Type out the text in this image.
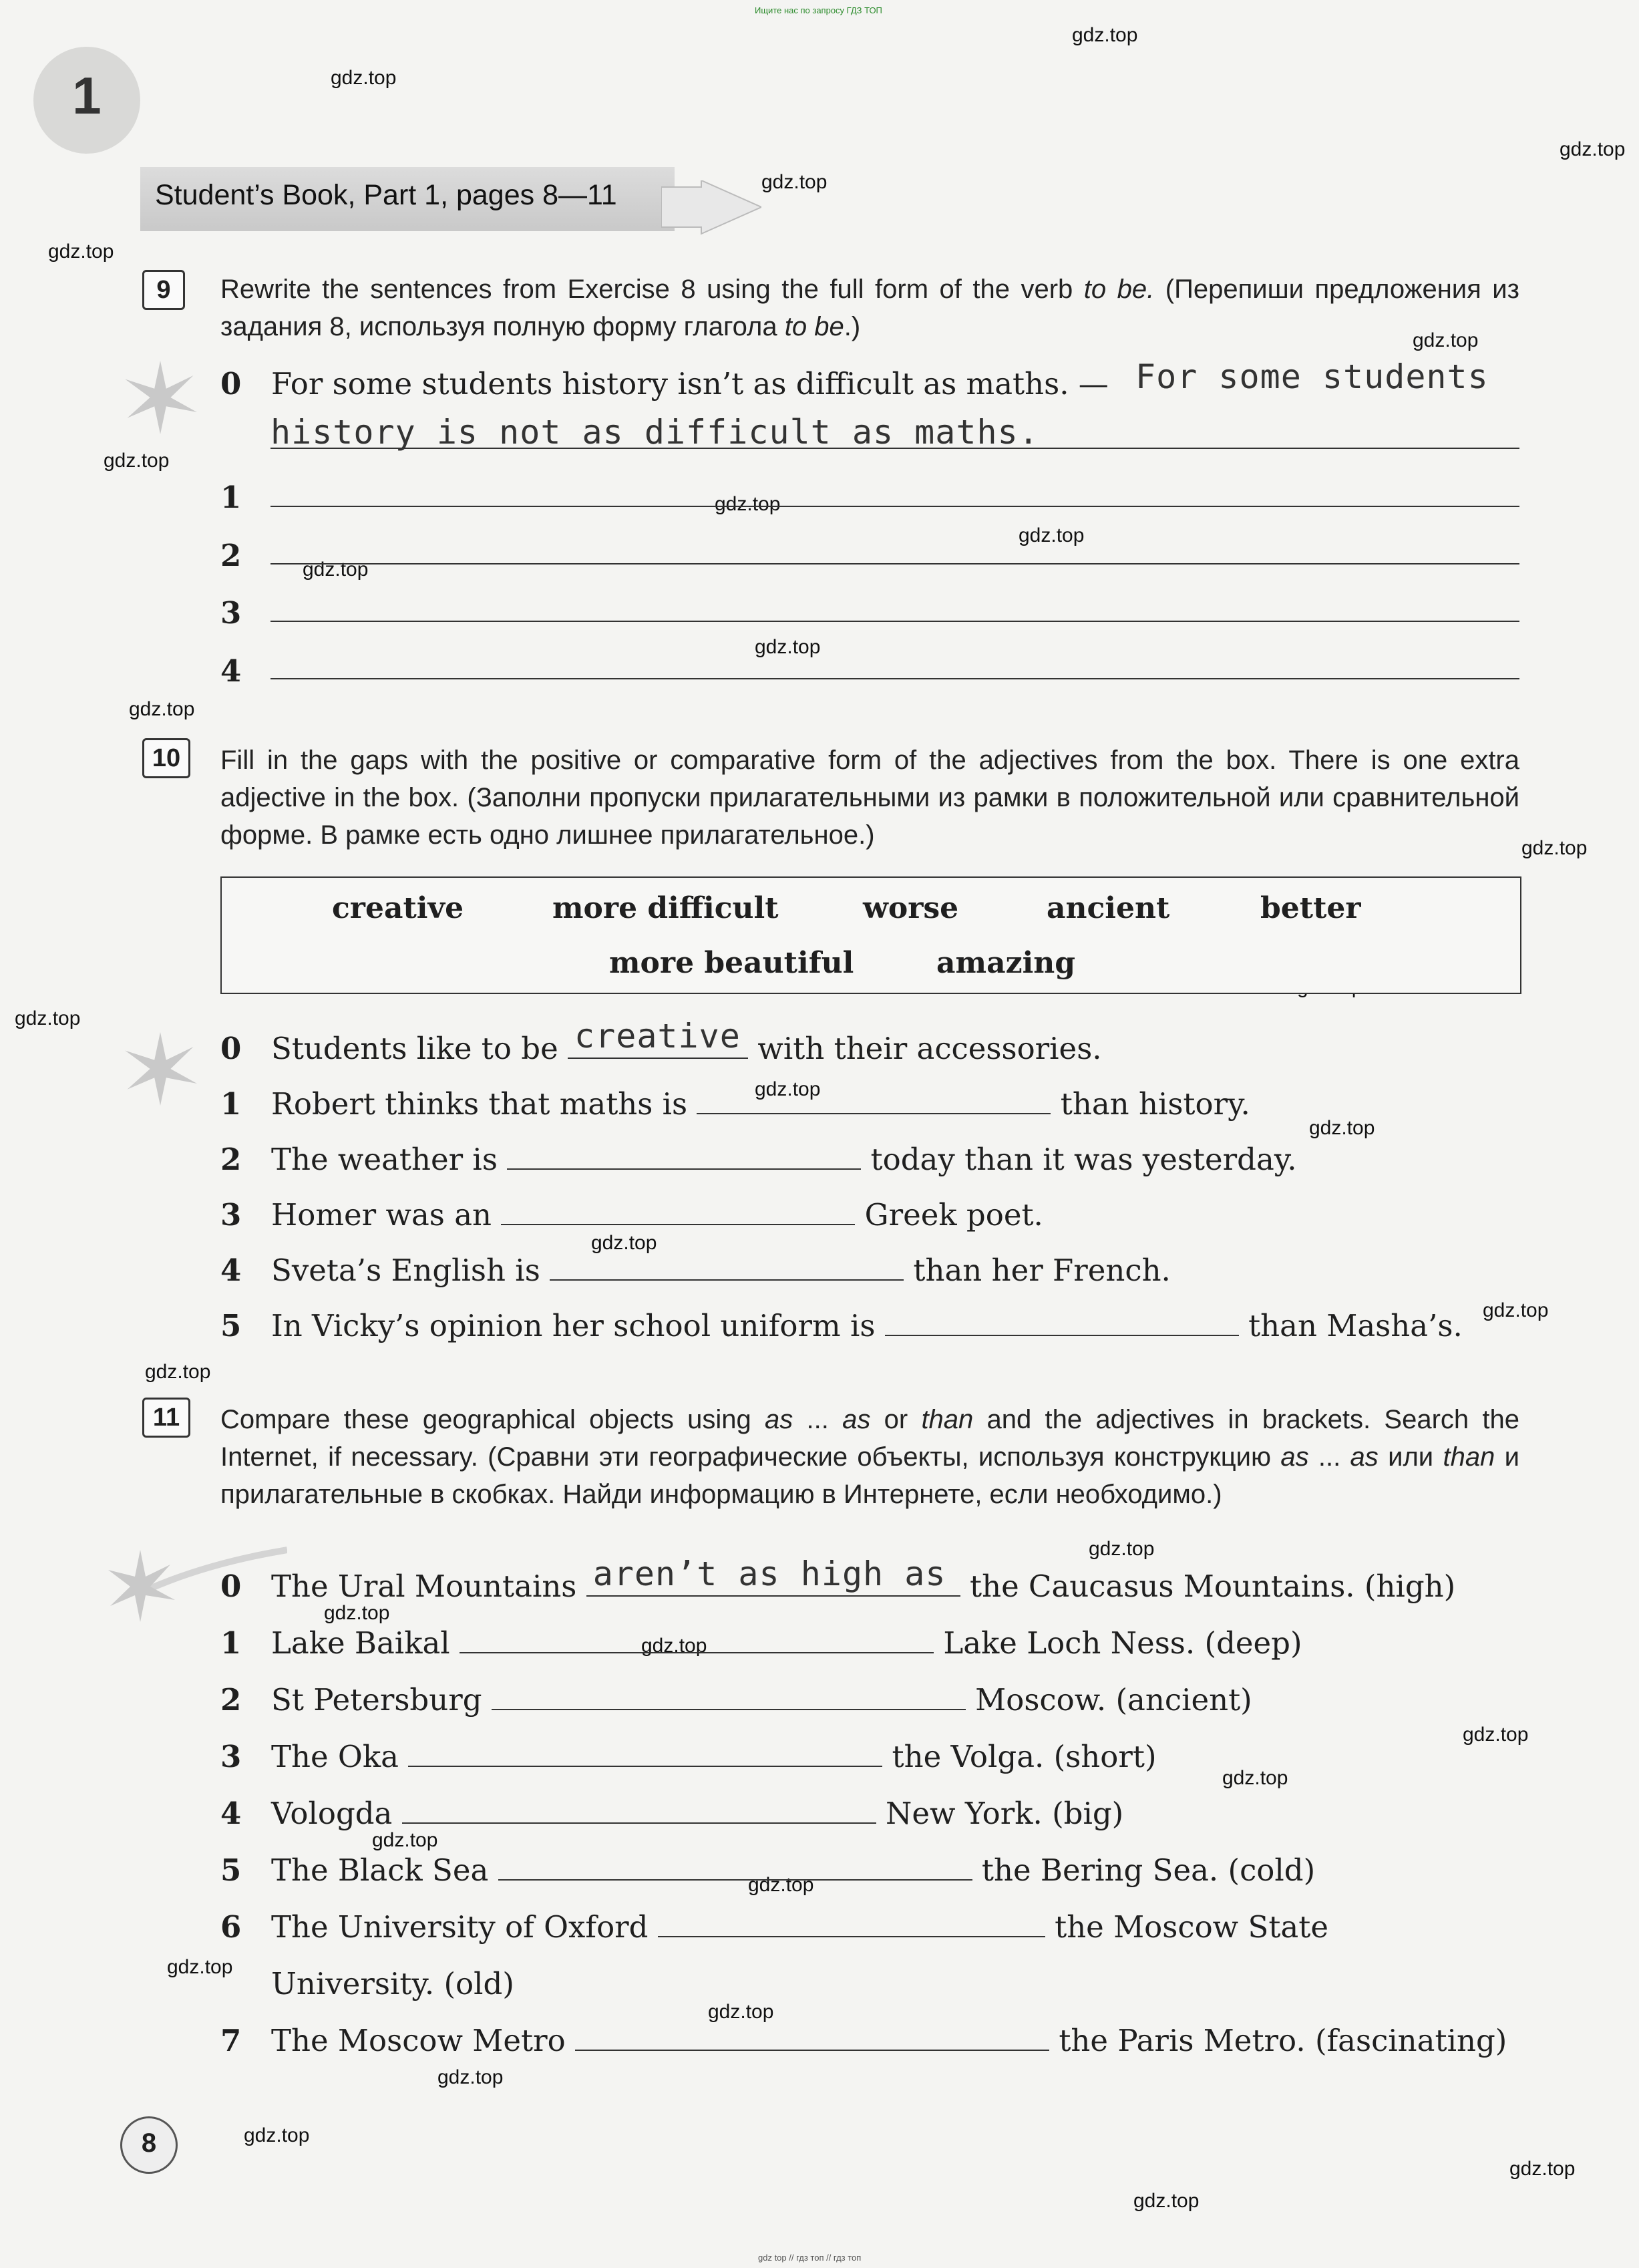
Ищите нас по запросу ГДЗ ТОП
gdz top // гдз топ // гдз топ
1
Student’s Book, Part 1, pages 8—11
gdz.top
gdz.top
gdz.top
gdz.top
gdz.top
gdz.top
gdz.top
gdz.top
gdz.top
gdz.top
gdz.top
gdz.top
gdz.top
gdz.top
gdz.top
gdz.top
gdz.top
gdz.top
gdz.top
gdz.top
gdz.top
gdz.top
gdz.top
gdz.top
gdz.top
gdz.top
gdz.top
gdz.top
gdz.top
gdz.top
gdz.top
gdz.top
9	Rewrite the sentences from Exercise 8 using the full form of the verb to be. (Перепиши предложения из задания 8, используя полную форму глагола to be.)
0 For some students history isn’t as difficult as maths. — For some students
history is not as difficult as maths.
1
2
3
4
10	Fill in the gaps with the positive or comparative form of the adjectives from the box. There is one extra adjective in the box. (Заполни пропуски прилагательными из рамки в положительной или сравнительной форме. В рамке есть одно лишнее прилагательное.)
creative	more difficult	worse	ancient	better
more beautiful	amazing
0 Students like to be creative with their accessories.
1 Robert thinks that maths is	than history.
2 The weather is	today than it was yesterday.
3 Homer was an	Greek poet.
4 Sveta’s English is	than her French.
5 In Vicky’s opinion her school uniform is	than Masha’s.
11	Compare these geographical objects using as ... as or than and the adjectives in brackets. Search the Internet, if necessary. (Сравни эти географические объекты, используя конструкцию as ... as или than и прилагательные в скобках. Найди информацию в Интернете, если необходимо.)
0 The Ural Mountains aren’t as high as the Caucasus Mountains. (high)
1 Lake Baikal	Lake Loch Ness. (deep)
2 St Petersburg	Moscow. (ancient)
3 The Oka	the Volga. (short)
4 Vologda	New York. (big)
5 The Black Sea	the Bering Sea. (cold)
6 The University of Oxford	the Moscow State
University. (old)
7 The Moscow Metro	the Paris Metro. (fascinating)
8
